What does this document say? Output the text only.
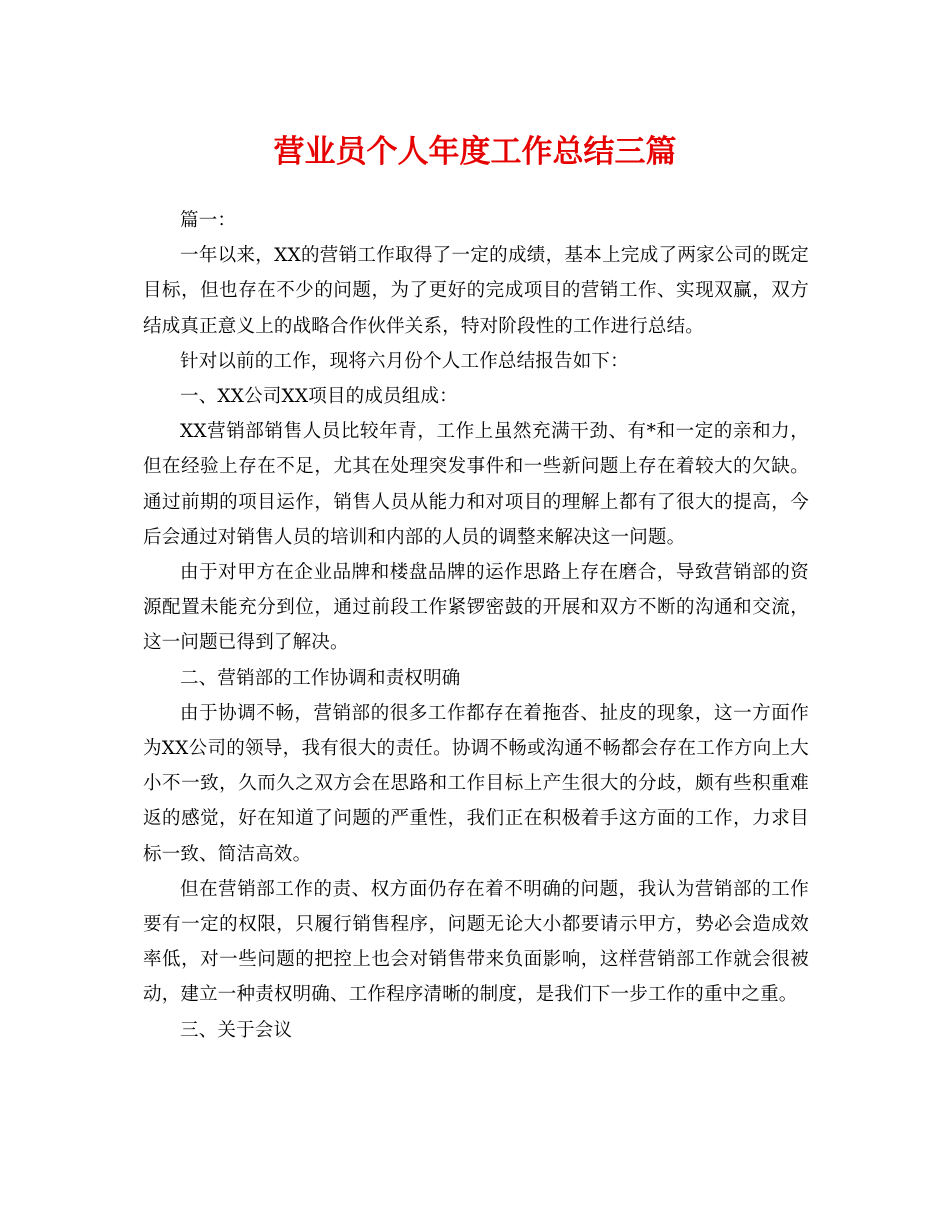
营业员个人年度工作总结三篇

篇一：

一年以来，XX的营销工作取得了一定的成绩，基本上完成了两家公司的既定目标，但也存在不少的问题，为了更好的完成项目的营销工作、实现双赢，双方结成真正意义上的战略合作伙伴关系，特对阶段性的工作进行总结。

针对以前的工作，现将六月份个人工作总结报告如下：

一、XX公司XX项目的成员组成：

XX营销部销售人员比较年青，工作上虽然充满干劲、有*和一定的亲和力，但在经验上存在不足，尤其在处理突发事件和一些新问题上存在着较大的欠缺。通过前期的项目运作，销售人员从能力和对项目的理解上都有了很大的提高，今后会通过对销售人员的培训和内部的人员的调整来解决这一问题。

由于对甲方在企业品牌和楼盘品牌的运作思路上存在磨合，导致营销部的资源配置未能充分到位，通过前段工作紧锣密鼓的开展和双方不断的沟通和交流，这一问题已得到了解决。

二、营销部的工作协调和责权明确

由于协调不畅，营销部的很多工作都存在着拖沓、扯皮的现象，这一方面作为XX公司的领导，我有很大的责任。协调不畅或沟通不畅都会存在工作方向上大小不一致，久而久之双方会在思路和工作目标上产生很大的分歧，颇有些积重难返的感觉，好在知道了问题的严重性，我们正在积极着手这方面的工作，力求目标一致、简洁高效。

但在营销部工作的责、权方面仍存在着不明确的问题，我认为营销部的工作要有一定的权限，只履行销售程序，问题无论大小都要请示甲方，势必会造成效率低，对一些问题的把控上也会对销售带来负面影响，这样营销部工作就会很被动，建立一种责权明确、工作程序清晰的制度，是我们下一步工作的重中之重。

三、关于会议
